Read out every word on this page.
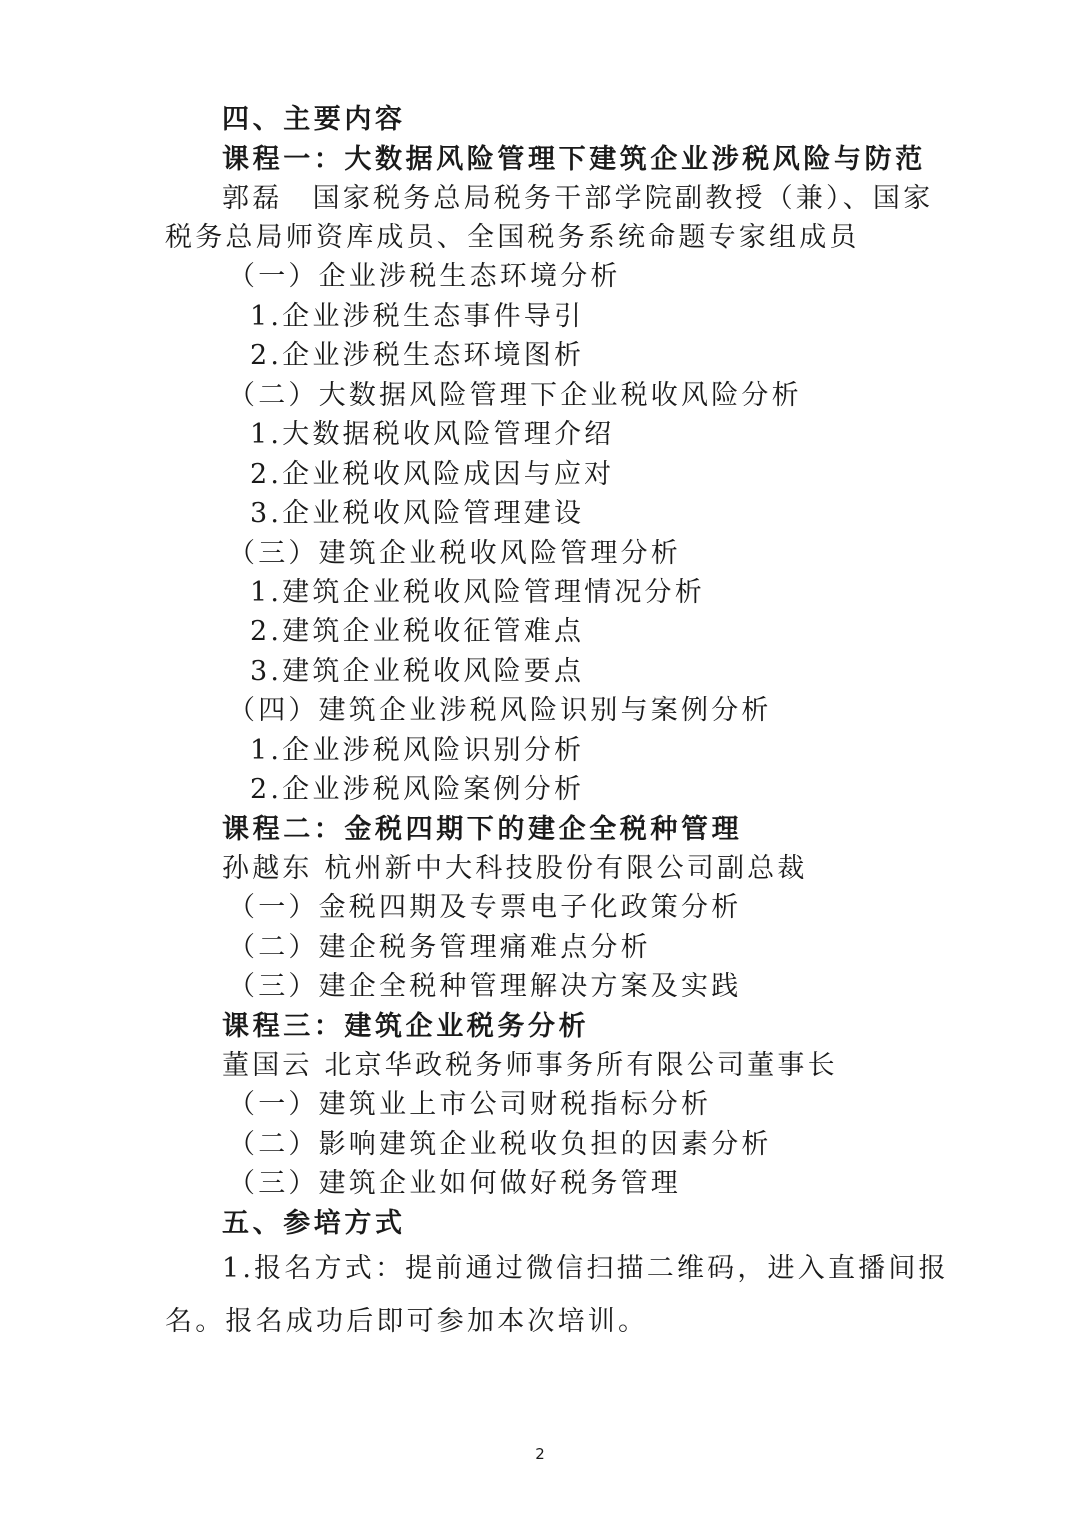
四、主要内容
课程一：大数据风险管理下建筑企业涉税风险与防范
郭磊　国家税务总局税务干部学院副教授（兼）、国家
税务总局师资库成员、全国税务系统命题专家组成员
（一）企业涉税生态环境分析
1.企业涉税生态事件导引
2.企业涉税生态环境图析
（二）大数据风险管理下企业税收风险分析
1.大数据税收风险管理介绍
2.企业税收风险成因与应对
3.企业税收风险管理建设
（三）建筑企业税收风险管理分析
1.建筑企业税收风险管理情况分析
2.建筑企业税收征管难点
3.建筑企业税收风险要点
（四）建筑企业涉税风险识别与案例分析
1.企业涉税风险识别分析
2.企业涉税风险案例分析
课程二：金税四期下的建企全税种管理
孙越东 杭州新中大科技股份有限公司副总裁
（一）金税四期及专票电子化政策分析
（二）建企税务管理痛难点分析
（三）建企全税种管理解决方案及实践
课程三：建筑企业税务分析
董国云 北京华政税务师事务所有限公司董事长
（一）建筑业上市公司财税指标分析
（二）影响建筑企业税收负担的因素分析
（三）建筑企业如何做好税务管理
五、参培方式
1.报名方式：提前通过微信扫描二维码，进入直播间报
名。报名成功后即可参加本次培训。
2
